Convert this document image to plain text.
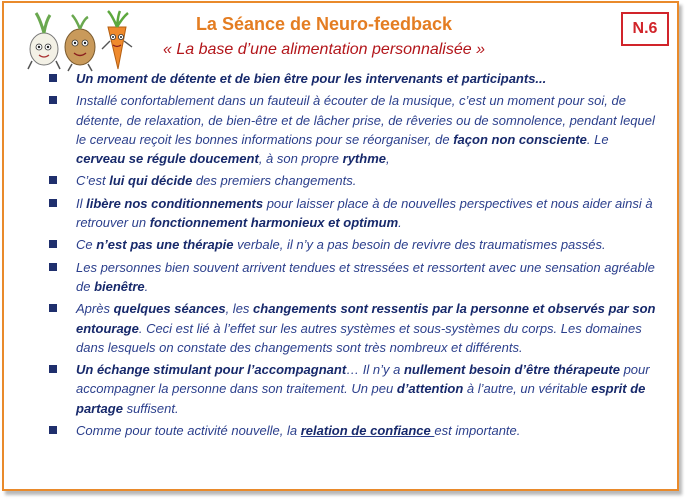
La Séance de Neuro-feedback

« La base d’une alimentation personnalisée »

N.6
Un moment de détente et de bien être pour les intervenants et participants...
Installé confortablement dans un fauteuil à écouter de la musique, c’est un moment pour soi, de détente, de relaxation, de bien-être et de lâcher prise, de rêveries ou de somnolence, pendant lequel le cerveau reçoit les bonnes informations pour se réorganiser, de façon non consciente. Le cerveau se régule doucement, à son propre rythme,
C’est lui qui décide des premiers changements.
Il libère nos conditionnements pour laisser place à de nouvelles perspectives et nous aider ainsi à retrouver un fonctionnement harmonieux et optimum.
Ce n’est pas une thérapie verbale, il n’y a pas besoin de revivre des traumatismes passés.
Les personnes bien souvent arrivent tendues et stressées et ressortent avec une sensation agréable de bienêtre.
Après quelques séances, les changements sont ressentis par la personne et observés par son entourage. Ceci est lié à l’effet sur les autres systèmes et sous-systèmes du corps. Les domaines dans lesquels on constate des changements sont très nombreux et différents.
Un échange stimulant pour l’accompagnant… Il n’y a nullement besoin d’être thérapeute pour accompagner la personne dans son traitement. Un peu d’attention à l’autre, un véritable esprit de partage suffisent.
Comme pour toute activité nouvelle, la relation de confiance est importante.
